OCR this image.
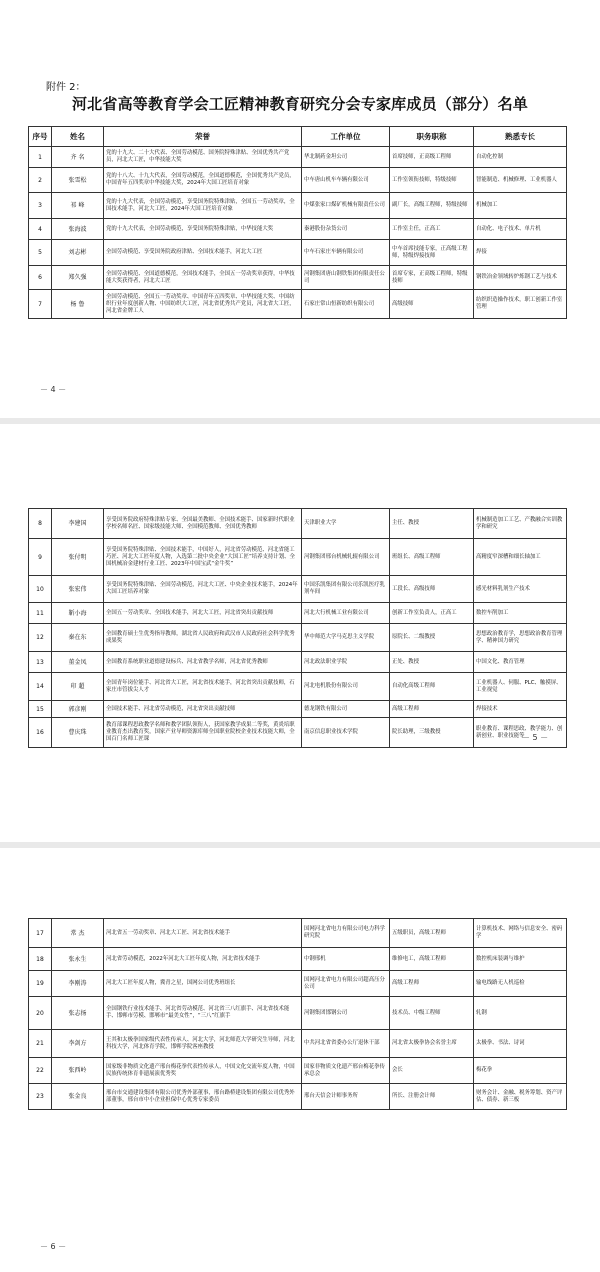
附件 2：
河北省高等教育学会工匠精神教育研究分会专家库成员（部分）名单
序号	姓名	荣誉	工作单位	职务职称	熟悉专长
1	齐 名	党的十九大、二十大代表、全国劳动模范、国务院特殊津贴、全国优秀共产党员，河北大工匠，中华技能大奖	华北制药金坦公司	首席技师，正高级工程师	自动化控制
2	张雪松	党的十八大、十九大代表，全国劳动模范，全国道德模范，全国优秀共产党员，中国青年五四奖章中华技能大奖，2024年大国工匠培育对象	中车唐山机车车辆有限公司	工作室领衔技师，特级技师	智能制造、机械修理、工业机器人
3	祁 峰	党的十九大代表，全国劳动模范，享受国务院特殊津贴，全国五一劳动奖章，全国技术能手，河北大工匠，2024年大国工匠培育对象	中煤张家口煤矿机械有限责任公司	副厂长，高级工程师，特级技师	机械加工
4	张海波	党的十九大代表，全国劳动模范，享受国务院特殊津贴，中华技能大奖	秦港股份杂货公司	工作室主任，正高工	自动化、电子技术、单片机
5	刘志彬	全国劳动模范、享受国务院政府津贴、全国技术能手，河北大工匠	中车石家庄车辆有限公司	中车首席技能专家，正高级工程师，特级焊接技师	焊接
6	郑久强	全国劳动模范、全国道德模范，全国技术能手，全国五一劳动奖章获得，中华技能大奖获得者，河北大工匠	河钢集团唐山钢铁集团有限责任公司	首席专家，正高级工程师，特级技师	钢铁冶金领域转炉炼钢工艺与技术
7	杨 鲁	全国劳动模范、全国五一劳动奖章、中国青年五四奖章、中华技能大奖、中国纺织行业年度创新人物、中国纺织大工匠，河北省优秀共产党员，河北省大工匠，河北省金牌工人	石家庄常山恒新纺织有限公司	高级技师	纺织织造操作技术，职工创新工作室管理
－ 4 －
8	李建国	享受国务院政府特殊津贴专家、全国最美教师、全国技术能手、国家新时代职业学校名师名匠、国家级技能大师、全国模范教师、全国优秀教师	天津职业大学	主任、教授	机械制造加工工艺、产教融合实训教学和研究
9	张付明	享受国务院特殊津贴、全国技术能手，中国好人，河北省劳动模范、河北省能工巧匠、河北大工匠年度人物，入选第二批中央企业“大国工匠”培养支持计划、全国机械冶金建材行业工匠、2023年中国宝武“金牛奖”	河钢集团邢台机械轧辊有限公司	班组长、高级工程师	高精度窄深槽和细长轴加工
10	张宏伟	享受国务院特殊津贴、全国劳动模范，河北大工匠、中央企业技术能手，2024年大国工匠培养对象	中国乐凯集团有限公司乐凯医疗乳剂车间	工段长、高级技师	感光材料乳剂生产技术
11	靳小海	全国五一劳动奖章、全国技术能手，河北大工匠，河北省突出贡献技师	河北大行机械工业有限公司	创新工作室负责人，正高工	数控车削加工
12	秦在东	全国教育硕士生优秀指导教师，湖北省人民政府和武汉市人民政府社会科学优秀成果奖	华中师范大学马克思主义学院	原院长、二级教授	思想政治教育学，思想政治教育管理学、精神国力研究
13	董金凤	全国教育系统职业道德建设标兵、河北省教学名师，河北省优秀教师	河北政法职业学院	正处、教授	中国文化、教育管理
14	印 超	全国青年岗位能手、河北省大工匠，河北省技术能手，河北省突出贡献技师，石家庄市管拔尖人才	河北电机股份有限公司	自动化高级工程师	工业机器人、伺服、PLC、触摸屏、工业视觉
15	郭彦刚	全国技术能手、河北省劳动模范，河北省突出贡献技师	德龙钢铁有限公司	高级工程师	焊接技术
16	曹庆珠	教育部课程思政教学名师和教学团队领衔人，获国家教学成果二等奖，黄炎培职业教育杰出教育奖，国家产业导师资源库师全国职业院校企业技术技能大师，全国百门名师工匠课	南京信息职业技术学院	院长助理，三级教授	职业教育、课程思政、教学能力、创新创业、职业技能等
－ 5 －
17	常 杰	河北省五一劳动奖章、河北大工匠、河北省技术能手	国网河北省电力有限公司电力科学研究院	五级职员，高级工程师	计算机技术、网络与信息安全、密码学
18	张永生	河北省劳动模范，2022年河北大工匠年度人物，河北省技术能手	中钢邢机	维修电工，高级工程师	数控机床装调与维护
19	李刚涛	河北大工匠年度人物，冀青之星，国网公司优秀班组长	国网河北省电力有限公司超高压分公司	高级工程师	输电线路无人机巡检
20	张志扬	全国钢铁行业技术能手、河北省劳动模范、河北省三八红旗手、河北省技术能手、邯郸市劳模、邯郸市“最美女性”，“三八”红旗手	河钢集团邯钢公司	技术员、中级工程师	轧钢
21	李剑方	王其和太极拳国家级代表性传承人、河北大学，河北师范大学研究生导师，河北科技大学，河北体育学院，邯郸学院客座教授	中共河北省省委办公厅退休干部	河北省太极拳协会名誉主席	太极拳、书法、诗词
22	张西岭	国家级非物质文化遗产邢台梅花拳代表性传承人，中国文化交流年度人物，中国民族传统体育非遗展演优秀奖	国家非物质文化遗产邢台梅花拳传承总会	会长	梅花拳
23	张金良	邢台市交通建设集团有限公司优秀外部董事，邢台路桥建设集团有限公司优秀外部董事，邢台市中小企业担保中心优秀专家委员	邢台天信会计师事务所	所长、注册会计师	财务会计、金融、税务筹划、资产评估、债券、新三板
－ 6 －
